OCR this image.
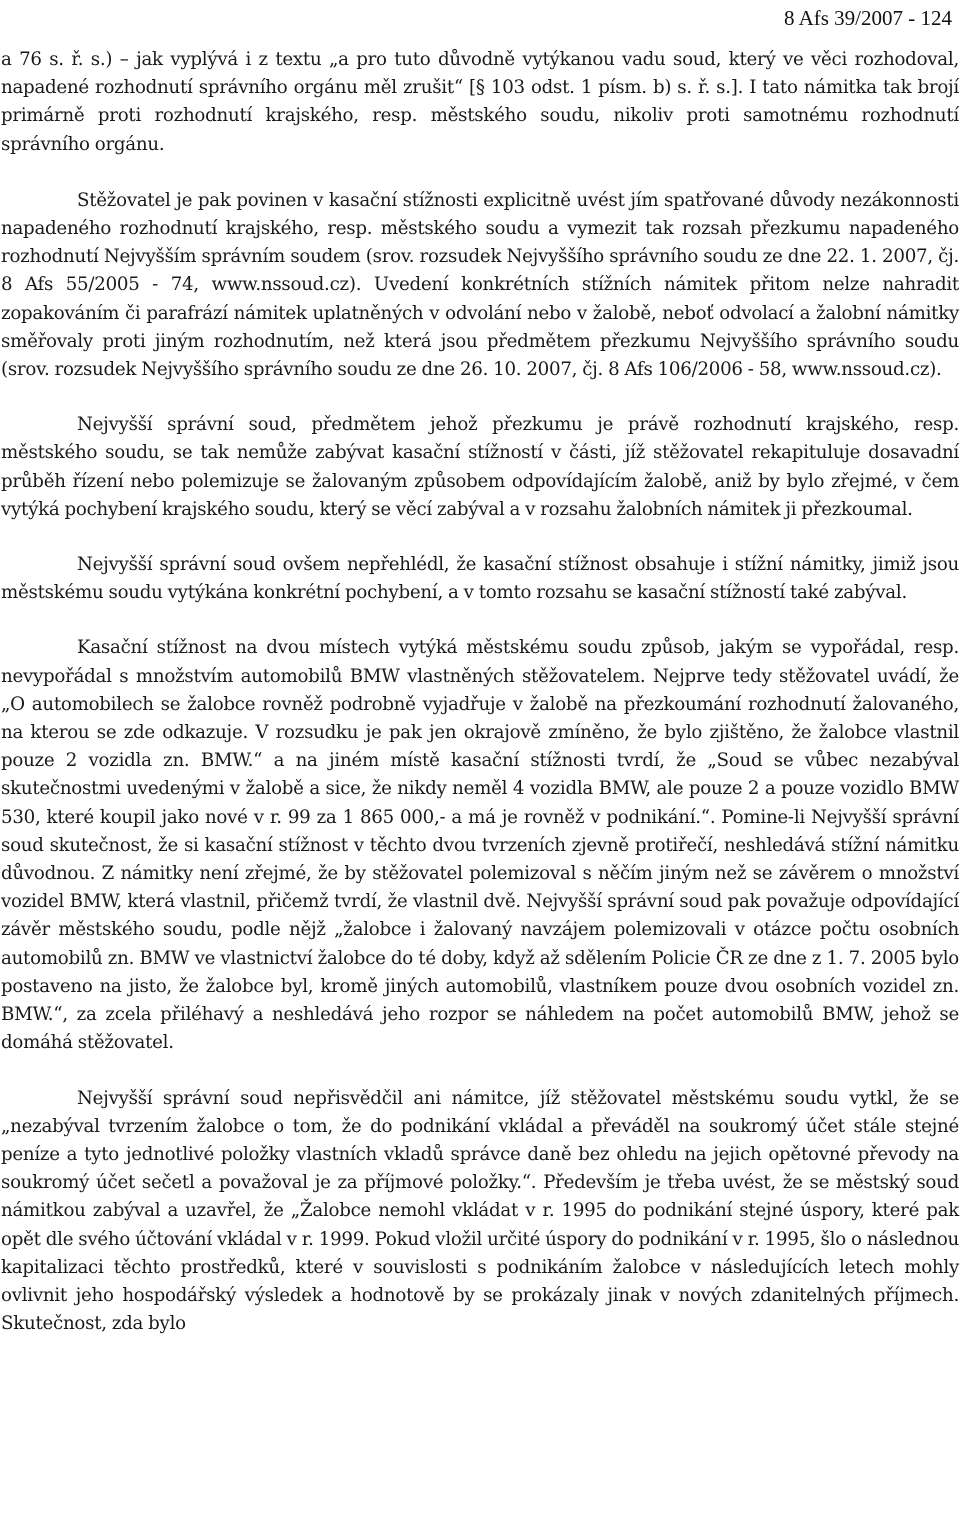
8 Afs 39/2007 - 124

a 76 s. ř. s.) – jak vyplývá i z textu „a pro tuto důvodně vytýkanou vadu soud, který ve věci rozhodoval, napadené rozhodnutí správního orgánu měl zrušit“ [§ 103 odst. 1 písm. b) s. ř. s.]. I tato námitka tak brojí primárně proti rozhodnutí krajského, resp. městského soudu, nikoliv proti samotnému rozhodnutí správního orgánu.

Stěžovatel je pak povinen v kasační stížnosti explicitně uvést jím spatřované důvody nezákonnosti napadeného rozhodnutí krajského, resp. městského soudu a vymezit tak rozsah přezkumu napadeného rozhodnutí Nejvyšším správním soudem (srov. rozsudek Nejvyššího správního soudu ze dne 22. 1. 2007, čj. 8 Afs 55/2005 - 74, www.nssoud.cz). Uvedení konkrétních stížních námitek přitom nelze nahradit zopakováním či parafrází námitek uplatněných v odvolání nebo v žalobě, neboť odvolací a žalobní námitky směřovaly proti jiným rozhodnutím, než která jsou předmětem přezkumu Nejvyššího správního soudu (srov. rozsudek Nejvyššího správního soudu ze dne 26. 10. 2007, čj. 8 Afs 106/2006 - 58, www.nssoud.cz).

Nejvyšší správní soud, předmětem jehož přezkumu je právě rozhodnutí krajského, resp. městského soudu, se tak nemůže zabývat kasační stížností v části, jíž stěžovatel rekapituluje dosavadní průběh řízení nebo polemizuje se žalovaným způsobem odpovídajícím žalobě, aniž by bylo zřejmé, v čem vytýká pochybení krajského soudu, který se věcí zabýval a v rozsahu žalobních námitek ji přezkoumal.

Nejvyšší správní soud ovšem nepřehlédl, že kasační stížnost obsahuje i stížní námitky, jimiž jsou městskému soudu vytýkána konkrétní pochybení, a v tomto rozsahu se kasační stížností také zabýval.

Kasační stížnost na dvou místech vytýká městskému soudu způsob, jakým se vypořádal, resp. nevypořádal s množstvím automobilů BMW vlastněných stěžovatelem. Nejprve tedy stěžovatel uvádí, že „O automobilech se žalobce rovněž podrobně vyjadřuje v žalobě na přezkoumání rozhodnutí žalovaného, na kterou se zde odkazuje. V rozsudku je pak jen okrajově zmíněno, že bylo zjištěno, že žalobce vlastnil pouze 2 vozidla zn. BMW.“ a na jiném místě kasační stížnosti tvrdí, že „Soud se vůbec nezabýval skutečnostmi uvedenými v žalobě a sice, že nikdy neměl 4 vozidla BMW, ale pouze 2 a pouze vozidlo BMW 530, které koupil jako nové v r. 99 za 1 865 000,- a má je rovněž v podnikání.“. Pomine-li Nejvyšší správní soud skutečnost, že si kasační stížnost v těchto dvou tvrzeních zjevně protiřečí, neshledává stížní námitku důvodnou. Z námitky není zřejmé, že by stěžovatel polemizoval s něčím jiným než se závěrem o množství vozidel BMW, která vlastnil, přičemž tvrdí, že vlastnil dvě. Nejvyšší správní soud pak považuje odpovídající závěr městského soudu, podle nějž „žalobce i žalovaný navzájem polemizovali v otázce počtu osobních automobilů zn. BMW ve vlastnictví žalobce do té doby, když až sdělením Policie ČR ze dne z 1. 7. 2005 bylo postaveno na jisto, že žalobce byl, kromě jiných automobilů, vlastníkem pouze dvou osobních vozidel zn. BMW.“, za zcela přiléhavý a neshledává jeho rozpor se náhledem na počet automobilů BMW, jehož se domáhá stěžovatel.

Nejvyšší správní soud nepřisvědčil ani námitce, jíž stěžovatel městskému soudu vytkl, že se „nezabýval tvrzením žalobce o tom, že do podnikání vkládal a převáděl na soukromý účet stále stejné peníze a tyto jednotlivé položky vlastních vkladů správce daně bez ohledu na jejich opětovné převody na soukromý účet sečetl a považoval je za příjmové položky.“. Především je třeba uvést, že se městský soud námitkou zabýval a uzavřel, že „Žalobce nemohl vkládat v r. 1995 do podnikání stejné úspory, které pak opět dle svého účtování vkládal v r. 1999. Pokud vložil určité úspory do podnikání v r. 1995, šlo o následnou kapitalizaci těchto prostředků, které v souvislosti s podnikáním žalobce v následujících letech mohly ovlivnit jeho hospodářský výsledek a hodnotově by se prokázaly jinak v nových zdanitelných příjmech. Skutečnost, zda bylo
